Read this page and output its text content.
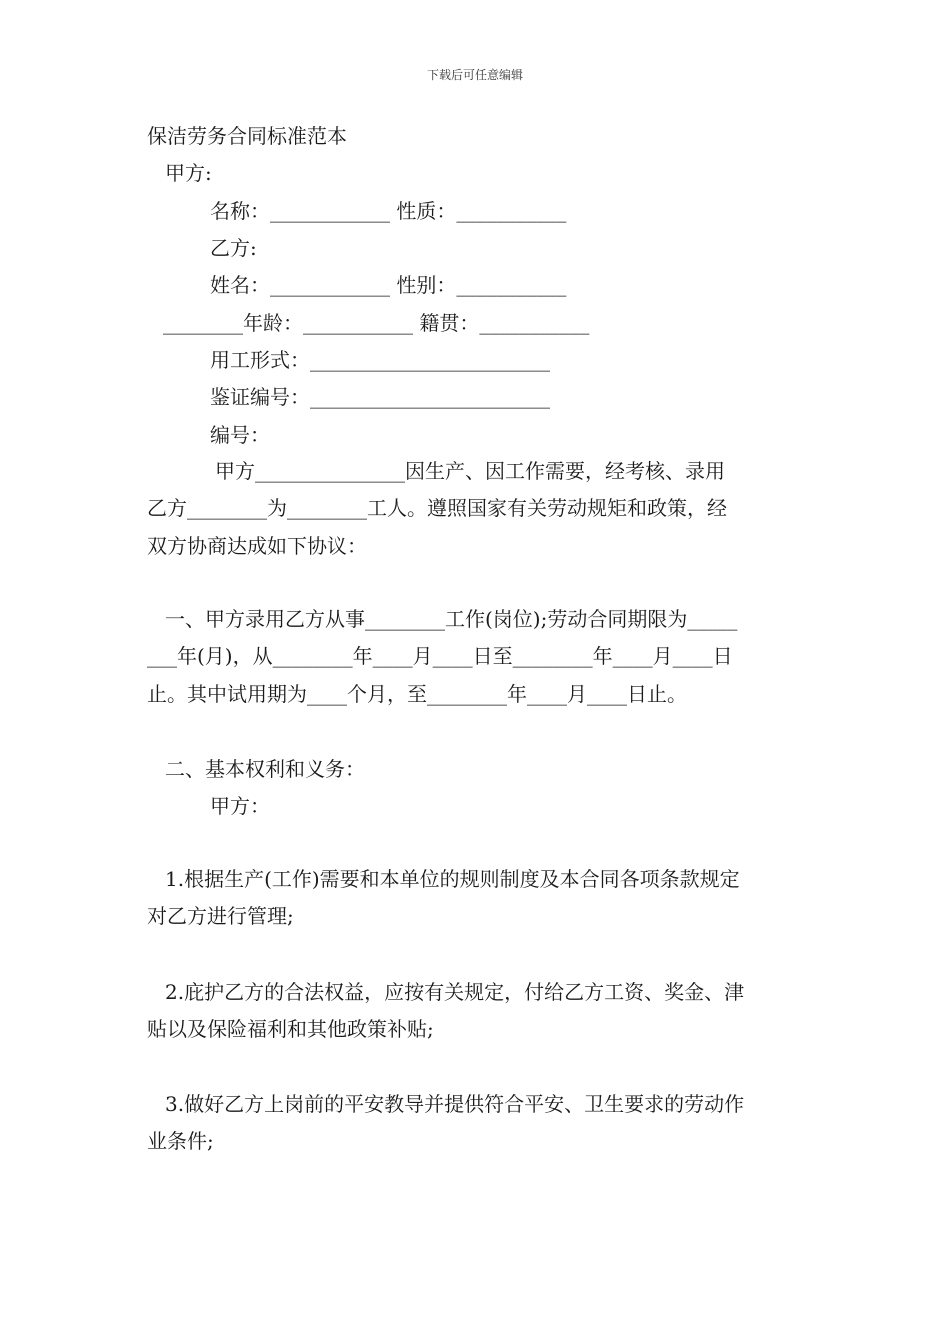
下载后可任意编辑
保洁劳务合同标准范本
甲方:
名称：____________ 性质：___________
乙方:
姓名：____________ 性别：___________
________年龄：___________ 籍贯：___________
用工形式：________________________
鉴证编号：________________________
编号：
甲方_______________因生产、因工作需要，经考核、录用
乙方________为________工人。遵照国家有关劳动规矩和政策，经
双方协商达成如下协议：
一、甲方录用乙方从事________工作(岗位);劳动合同期限为_____
___年(月)，从________年____月____日至________年____月____日
止。其中试用期为____个月，至________年____月____日止。
二、基本权利和义务：
甲方：
1.根据生产(工作)需要和本单位的规则制度及本合同各项条款规定
对乙方进行管理;
2.庇护乙方的合法权益，应按有关规定，付给乙方工资、奖金、津
贴以及保险福利和其他政策补贴;
3.做好乙方上岗前的平安教导并提供符合平安、卫生要求的劳动作
业条件;
